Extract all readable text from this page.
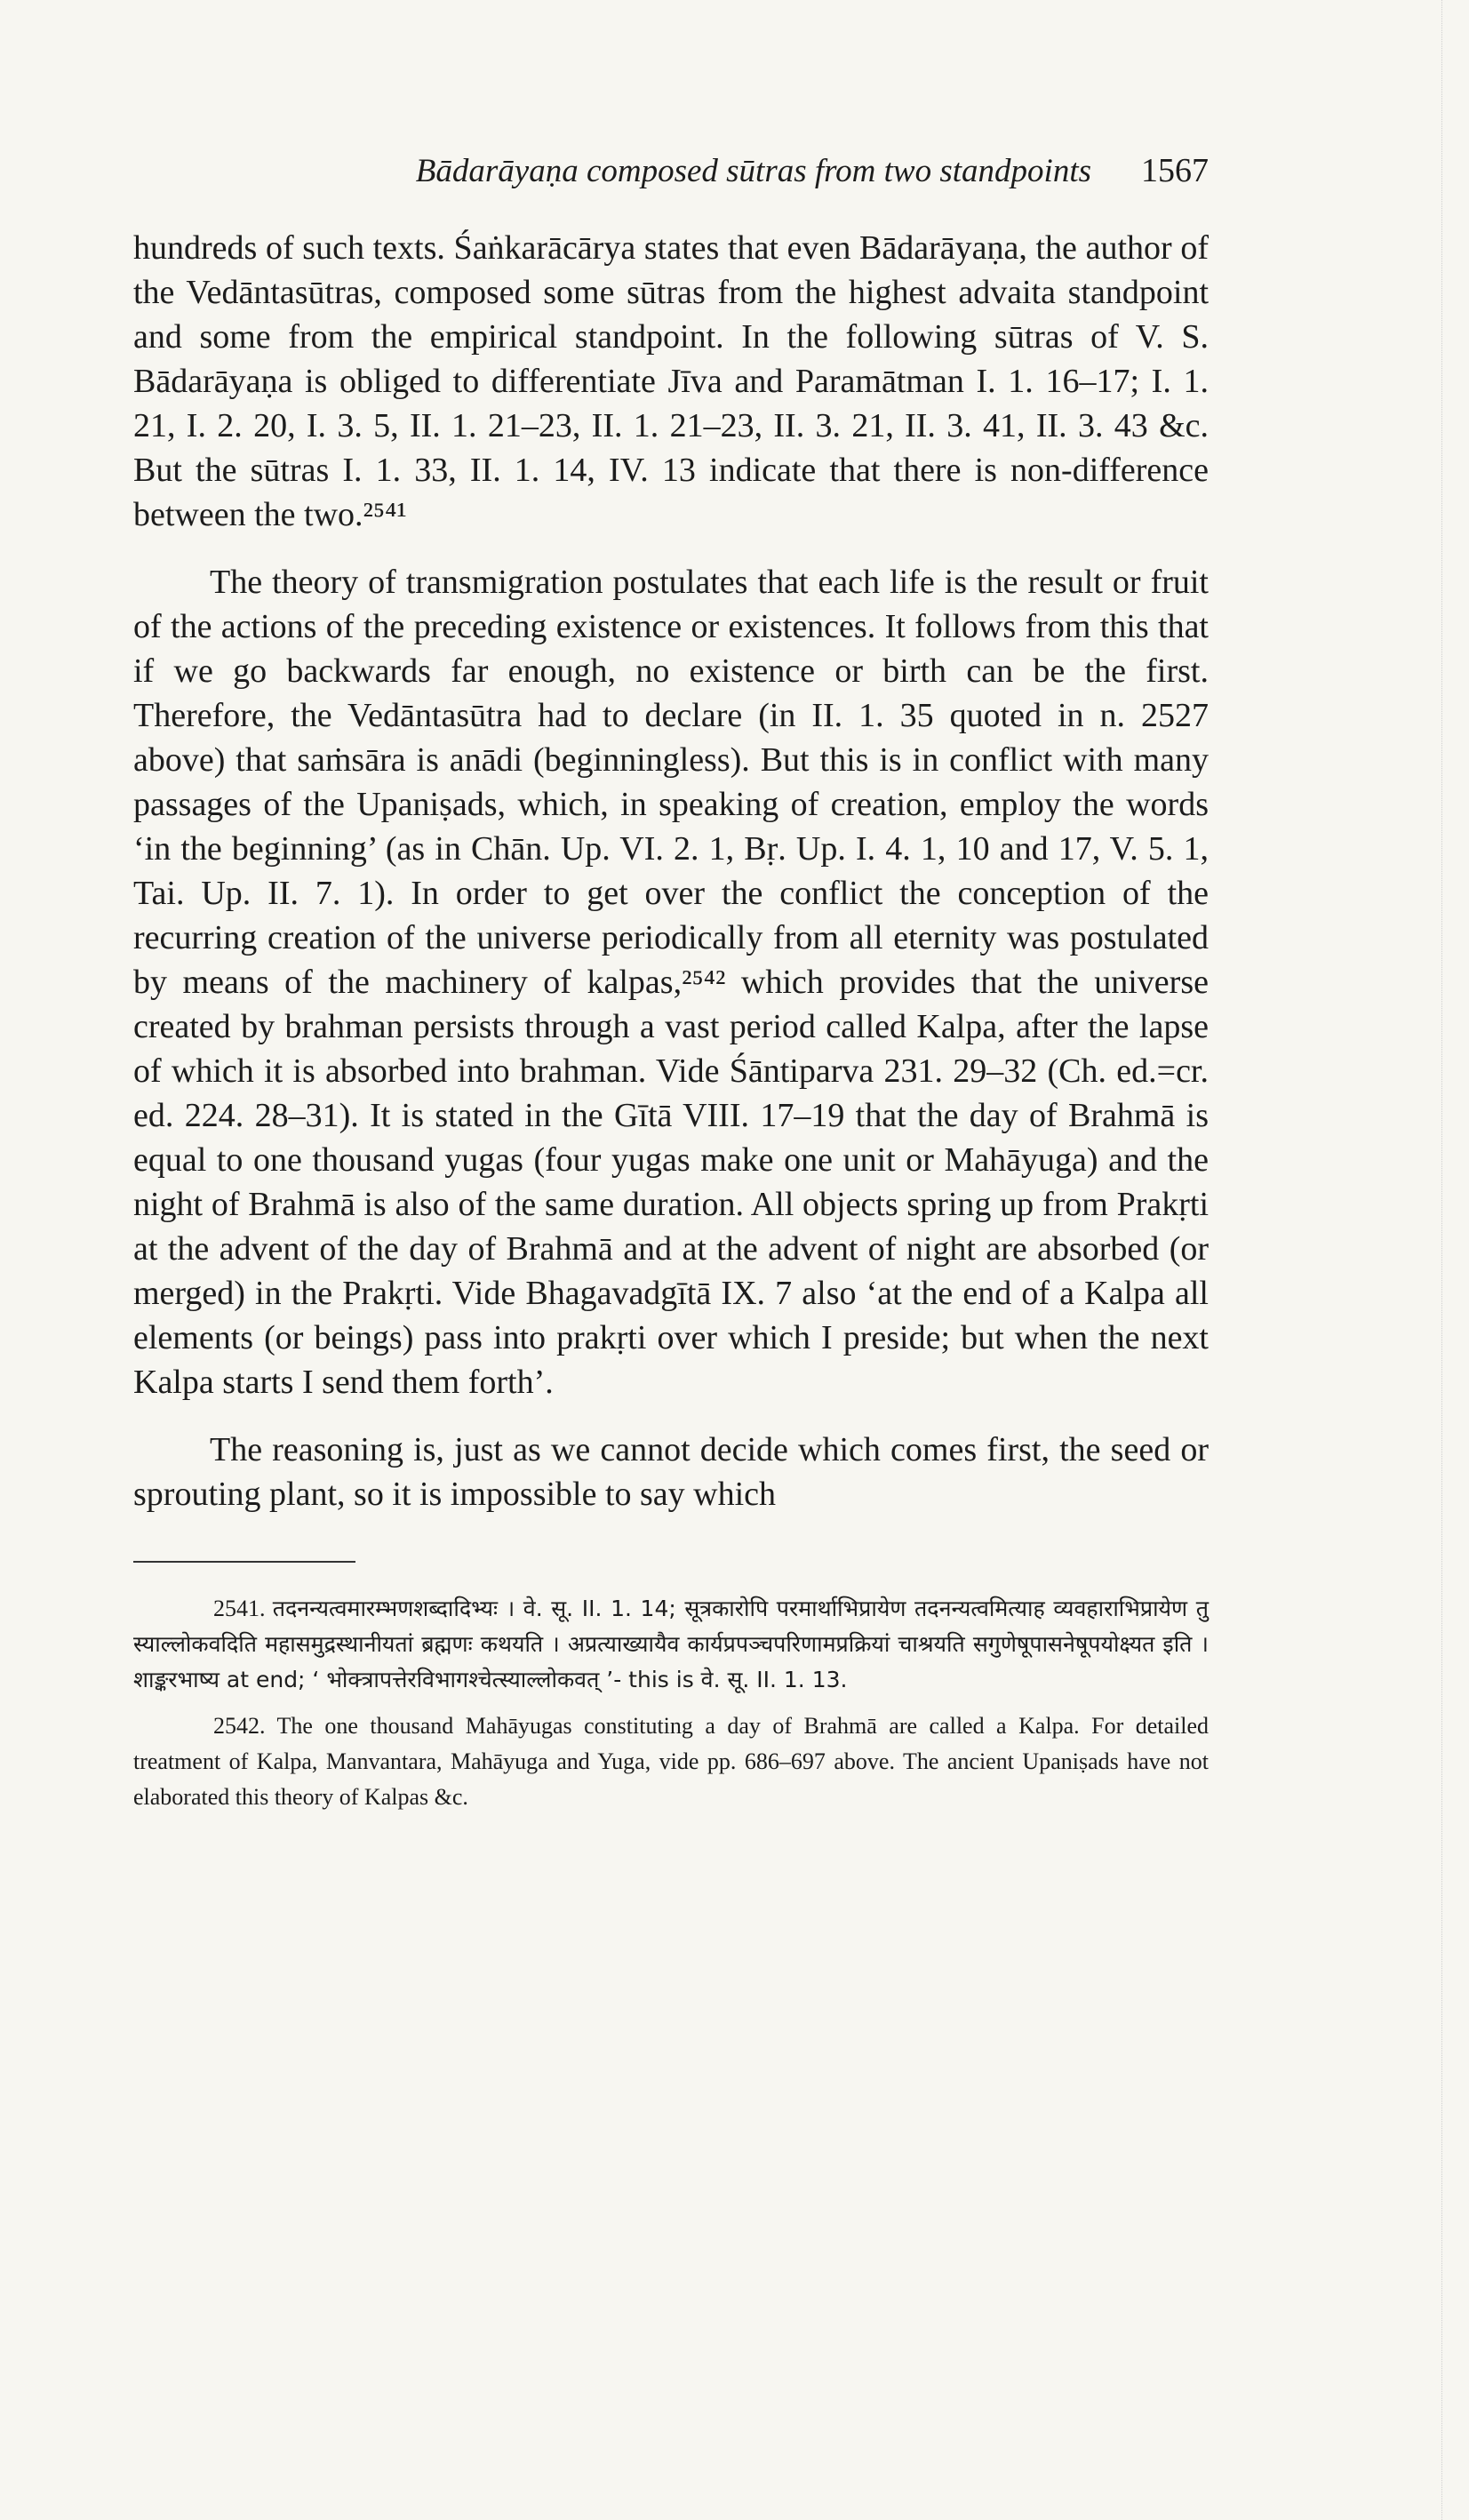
Bādarāyaṇa composed sūtras from two standpoints 1567

hundreds of such texts. Śaṅkarācārya states that even Bādarāyaṇa, the author of the Vedāntasūtras, composed some sūtras from the highest advaita standpoint and some from the empirical standpoint. In the following sūtras of V. S. Bādarāyaṇa is obliged to differentiate Jīva and Paramātman I. 1. 16–17; I. 1. 21, I. 2. 20, I. 3. 5, II. 1. 21–23, II. 1. 21–23, II. 3. 21, II. 3. 41, II. 3. 43 &c. But the sūtras I. 1. 33, II. 1. 14, IV. 13 indicate that there is non-difference between the two.²⁵⁴¹

The theory of transmigration postulates that each life is the result or fruit of the actions of the preceding existence or existences. It follows from this that if we go backwards far enough, no existence or birth can be the first. Therefore, the Vedāntasūtra had to declare (in II. 1. 35 quoted in n. 2527 above) that saṁsāra is anādi (beginningless). But this is in conflict with many passages of the Upaniṣads, which, in speaking of creation, employ the words ‘in the beginning’ (as in Chān. Up. VI. 2. 1, Bṛ. Up. I. 4. 1, 10 and 17, V. 5. 1, Tai. Up. II. 7. 1). In order to get over the conflict the conception of the recurring creation of the universe periodically from all eternity was postulated by means of the machinery of kalpas,²⁵⁴² which provides that the universe created by brahman persists through a vast period called Kalpa, after the lapse of which it is absorbed into brahman. Vide Śāntiparva 231. 29–32 (Ch. ed.=cr. ed. 224. 28–31). It is stated in the Gītā VIII. 17–19 that the day of Brahmā is equal to one thousand yugas (four yugas make one unit or Mahāyuga) and the night of Brahmā is also of the same duration. All objects spring up from Prakṛti at the advent of the day of Brahmā and at the advent of night are absorbed (or merged) in the Prakṛti. Vide Bhagavadgītā IX. 7 also ‘at the end of a Kalpa all elements (or beings) pass into prakṛti over which I preside; but when the next Kalpa starts I send them forth’.

The reasoning is, just as we cannot decide which comes first, the seed or sprouting plant, so it is impossible to say which

2541. तदनन्यत्वमारम्भणशब्दादिभ्यः । वे. सू. II. 1. 14; सूत्रकारोपि परमार्थाभिप्रायेण तदनन्यत्वमित्याह व्यवहाराभिप्रायेण तु स्याल्लोकवदिति महासमुद्रस्थानीयतां ब्रह्मणः कथयति । अप्रत्याख्यायैव कार्यप्रपञ्चपरिणामप्रक्रियां चाश्रयति सगुणेषूपासनेषूपयोक्ष्यत इति । शाङ्करभाष्य at end; ‘ भोक्त्रापत्तेरविभागश्चेत्स्याल्लोकवत् ’- this is वे. सू. II. 1. 13.

2542. The one thousand Mahāyugas constituting a day of Brahmā are called a Kalpa. For detailed treatment of Kalpa, Manvantara, Mahāyuga and Yuga, vide pp. 686–697 above. The ancient Upaniṣads have not elaborated this theory of Kalpas &c.
